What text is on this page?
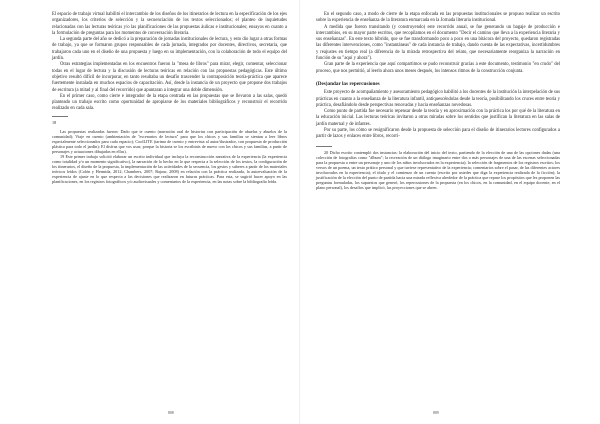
El espacio de trabajo virtual habilitó el intercambio de los diseños de los itinerarios de lectura en la especificación de los ejes organizadores, los criterios de selección y la secuenciación de los textos seleccionados; el planteo de inquietudes relacionadas con las lecturas teóricas y/o las planificaciones de las propuestas áulicas e institucionales; ensayos en cuanto a la formulación de preguntas para los momentos de conversación literaria.

La segunda parte del año se dedicó a la preparación de jornadas institucionales de lectura, y esto dio lugar a otras formas de trabajo, ya que se formaron grupos responsables de cada jornada, integrados por docentes, directivos, secretaria, que trabajaron cada uno en el diseño de una propuesta y luego en su implementación, con la colaboración de todo el equipo del jardín.

Otras estrategias implementadas en los encuentros fueron la "mesa de libros" para mirar, elegir, comentar, seleccionar todas en el lugar de lectura y la discusión de lecturas teóricas en relación con las propuestas pedagógicas. Este último objetivo resultó difícil de incorporar, en tanto resultaba un desafío trascender la contraposición teoría-práctica que aparece fuertemente instalada en muchos espacios de capacitación. Así, desde la instancia de un proyecto que propone dos trabajos de escritura (a mitad y al final del recorrido) que apuntaran a integrar una doble dimensión.

En el primer caso, como cierre e integrador de la etapa centrada en las propuestas que se llevaron a las salas, quedó planteado un trabajo escrito como oportunidad de apropiarse de los materiales bibliográficos y reconstruir el recorrido realizado en cada sala.

18

Las propuestas realizadas fueron: Dado que te cuento (narración oral de historias con participación de abuelas y abuelos de la comunidad); Viaje en cuento (ambientación de "escenarios de lectura" para que los chicos y sus familias se sientan a leer libros especialmente seleccionados para cada espacio); CoolLITE (tarima de cuento y entrevista al autor/ilustrador, con propuesta de producción plástica para todo el jardín); El disfraz que vos usas; porque la historia se los escribirás de nuevo con los chicos y sus familias, a partir de personajes y actuaciones dibujadas en ellas).

19 Este primer trabajo solicitó elaborar un escrito individual que incluya la reconstrucción narrativa de la experiencia (la experiencia como totalidad y/o un momento significativo), la narración de lo hecho en lo que respecta a la selección de los textos, la configuración de los itinerarios, el diseño de la propuesta, la implementación de las actividades de la secuencia, los gestos y saberes a partir de los materiales teóricos leídos (Colón y Hermida, 2012; Chambers, 2007; Bajour, 2008) en relación con la práctica realizada, la autoevaluación de la experiencia de ajuste en lo que respecta a las decisiones que realizaron en futuras prácticas. Para esta, se sugirió hacer apoyo en las planificaciones, en los registros fotográficos y/o audiovisuales y comentarios de la experiencia, en las notas sobre la bibliografía leída.

808

En el segundo caso, a modo de cierre de la etapa enfocada en las propuestas institucionales se propuso realizar un escrito sobre la experiencia de enseñanza de la literatura enmarcada en la Jornada literaria institucional.

A medida que fueron transitando (y construyendo) este recorrido anual, se fue generando un bagaje de producción e intercambios, en su mayor parte escritos, que recopilamos en el documento "Decir el camino que lleva a la experiencia literaria y sus enseñanzas". En este texto hibrido, que se fue transformando poco a poco en una bitácora del proyecto, quedaron registradas las diferentes intervenciones, como "instantáneas" de cada instancia de trabajo, dando cuenta de las expectativas, incertidumbres y reajustes en tiempo real (a diferencia de la mirada retrospectiva del relato, que necesariamente reorganiza la narración en función de su "aquí y ahora").

Gran parte de la experiencia que aquí compartimos se pudo reconstruir gracias a este documento, testimonio "en crudo" del proceso, que nos permitió, al leerlo ahora unos meses después, los intensos ritmos de la construcción conjunta.

(Des)andar las repercusiones

Este proyecto de acompañamiento y asesoramiento pedagógico habilitó a los docentes de la institución la interpelación de sus prácticas en cuanto a la enseñanza de la literatura infantil, antiquescéndolas desde la teoría, posibilitando los cruces entre teoría y práctica, desafiándolo desde perspectivas renovadas y hacia enseñanzas novedosas.

Como punto de partida fue necesario repensar desde la teoría y en aproximación con la práctica los por qué de la literatura en la educación inicial. Las lecturas teóricas invitaron a otras miradas sobre los sentidos que justifican la literatura en las salas de jardín maternal y de infantes.

Por su parte, los cómo se resignificaron desde la propuesta de selección para el diseño de itinerarios lectores configurados a partir de lazos y enlaces entre libros, recorri-

20 Dicho escrito contempló dos instancias: la elaboración del inicio del texto, partiendo de la elección de una de las opciones dadas (una colección de fotografías como "álbum"; la recreación de un diálogo imaginario entre dos o más personajes de una de las escenas seleccionadas para la propuesta o entre un personaje y uno de los niños involucrados en la experiencia); la selección de fragmentos de los registros escritos; los versos de un poema, un texto prático personal y que tuviese representativo de la experiencia; comentarios sobre el pasar, de las diferentes actores involucrados en la experiencia); el título y el comienzo de un cuento (escrito por ustedes que diga la experiencia realizada de la ficción); la justificación de la elección del punto de partida hacia una mirada reflexiva alrededor de la práctica que repase los propósitos que les proponen las preguntas formuladas, los supuestos que generó, los repercusiones de la propuesta (en los chicos, en la comunidad, en el equipo docente, en el plano personal), los desafíos que implicó, las proyecciones que se abren.

809
